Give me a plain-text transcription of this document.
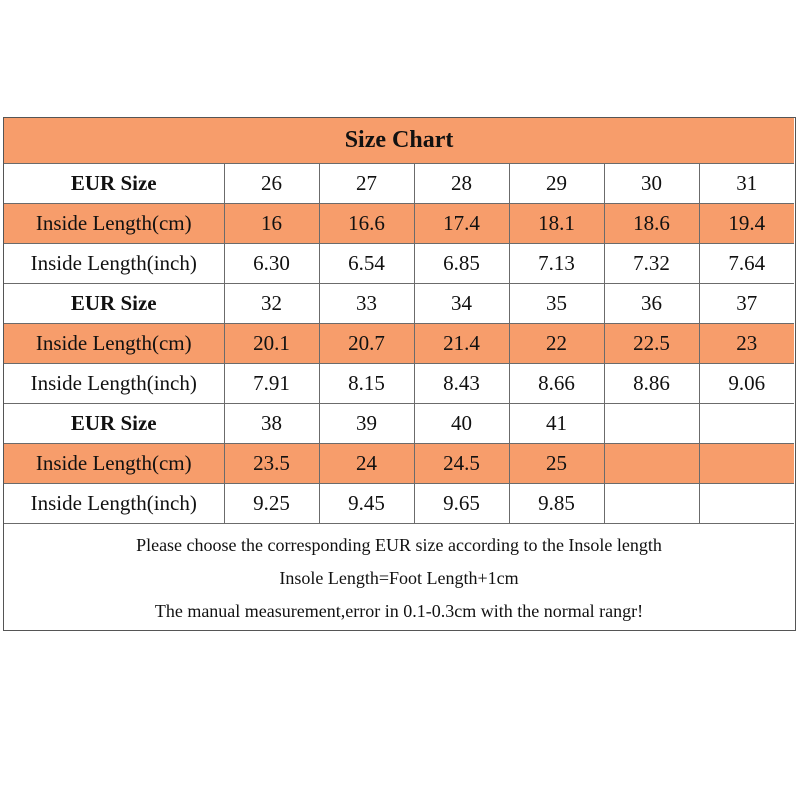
Size Chart						
EUR Size	26	27	28	29	30	31
Inside Length(cm)	16	16.6	17.4	18.1	18.6	19.4
Inside Length(inch)	6.30	6.54	6.85	7.13	7.32	7.64
EUR Size	32	33	34	35	36	37
Inside Length(cm)	20.1	20.7	21.4	22	22.5	23
Inside Length(inch)	7.91	8.15	8.43	8.66	8.86	9.06
EUR Size	38	39	40	41		
Inside Length(cm)	23.5	24	24.5	25		
Inside Length(inch)	9.25	9.45	9.65	9.85		
Please choose the corresponding EUR size according to the Insole length
Insole Length=Foot Length+1cm
The manual measurement,error in 0.1-0.3cm with the normal rangr!
